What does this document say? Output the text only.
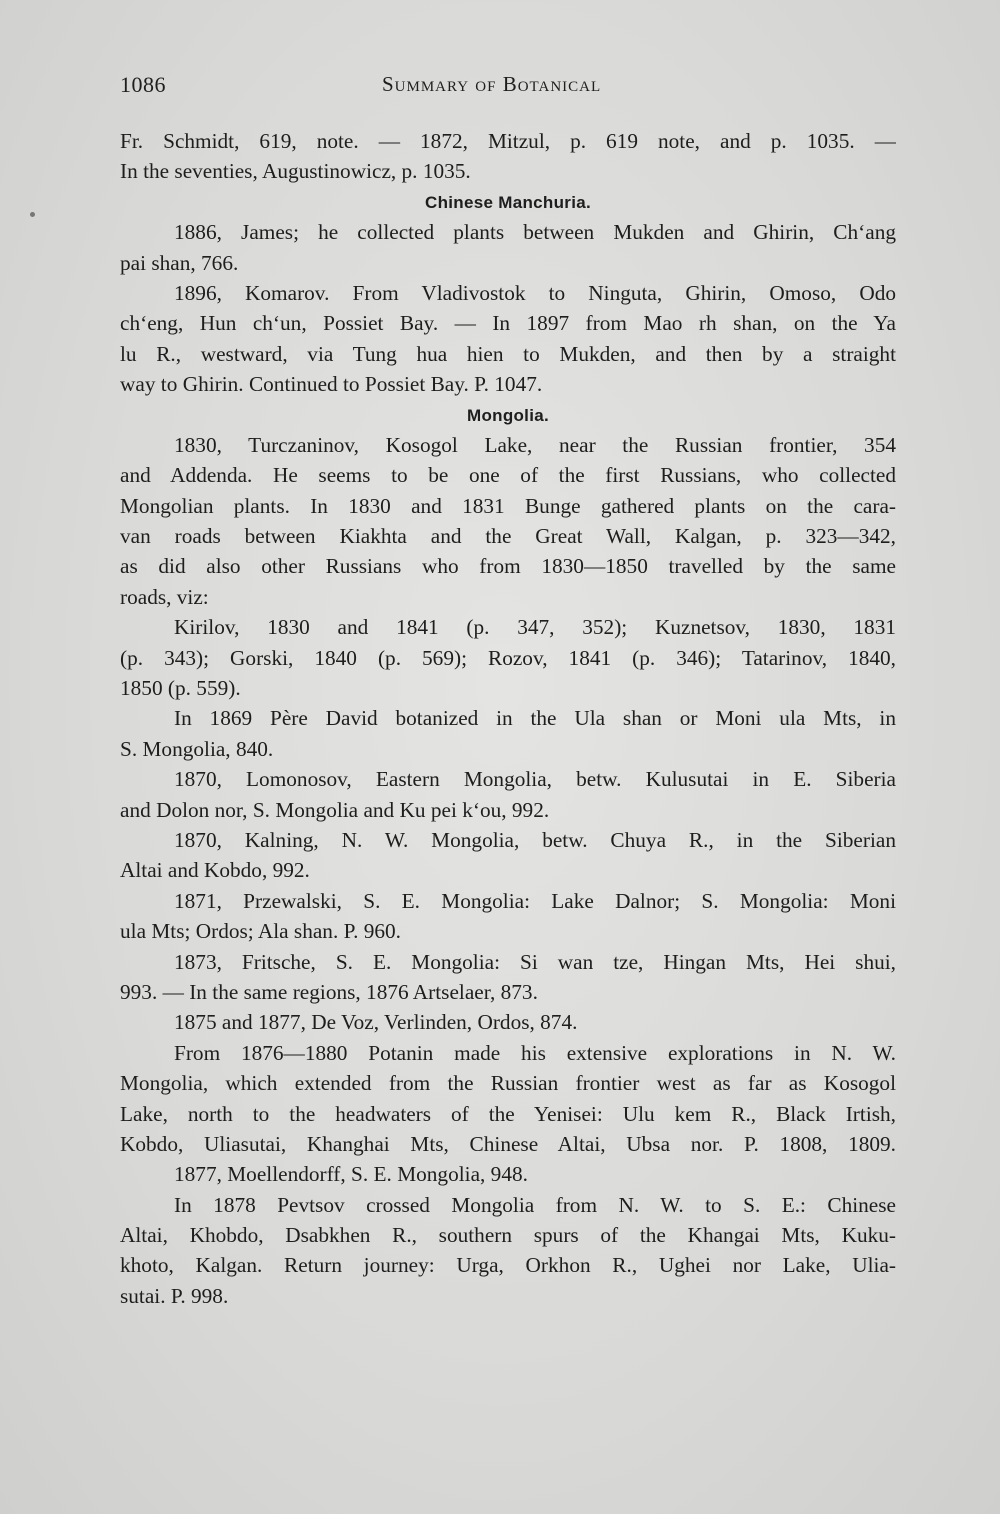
1086	Summary of Botanical
Fr. Schmidt, 619, note. — 1872, Mitzul, p. 619 note, and p. 1035. —
In the seventies, Augustinowicz, p. 1035.
Chinese Manchuria.
1886, James; he collected plants between Mukden and Ghirin, Chʻang
pai shan, 766.
1896, Komarov. From Vladivostok to Ninguta, Ghirin, Omoso, Odo
chʻeng, Hun chʻun, Possiet Bay. — In 1897 from Mao rh shan, on the Ya
lu R., westward, via Tung hua hien to Mukden, and then by a straight
way to Ghirin. Continued to Possiet Bay. P. 1047.
Mongolia.
1830, Turczaninov, Kosogol Lake, near the Russian frontier, 354
and Addenda. He seems to be one of the first Russians, who collected
Mongolian plants. In 1830 and 1831 Bunge gathered plants on the cara-
van roads between Kiakhta and the Great Wall, Kalgan, p. 323—342,
as did also other Russians who from 1830—1850 travelled by the same
roads, viz:
Kirilov, 1830 and 1841 (p. 347, 352); Kuznetsov, 1830, 1831
(p. 343); Gorski, 1840 (p. 569); Rozov, 1841 (p. 346); Tatarinov, 1840,
1850 (p. 559).
In 1869 Père David botanized in the Ula shan or Moni ula Mts, in
S. Mongolia, 840.
1870, Lomonosov, Eastern Mongolia, betw. Kulusutai in E. Siberia
and Dolon nor, S. Mongolia and Ku pei kʻou, 992.
1870, Kalning, N. W. Mongolia, betw. Chuya R., in the Siberian
Altai and Kobdo, 992.
1871, Przewalski, S. E. Mongolia: Lake Dalnor; S. Mongolia: Moni
ula Mts; Ordos; Ala shan. P. 960.
1873, Fritsche, S. E. Mongolia: Si wan tze, Hingan Mts, Hei shui,
993. — In the same regions, 1876 Artselaer, 873.
1875 and 1877, De Voz, Verlinden, Ordos, 874.
From 1876—1880 Potanin made his extensive explorations in N. W.
Mongolia, which extended from the Russian frontier west as far as Kosogol
Lake, north to the headwaters of the Yenisei: Ulu kem R., Black Irtish,
Kobdo, Uliasutai, Khanghai Mts, Chinese Altai, Ubsa nor. P. 1808, 1809.
1877, Moellendorff, S. E. Mongolia, 948.
In 1878 Pevtsov crossed Mongolia from N. W. to S. E.: Chinese
Altai, Khobdo, Dsabkhen R., southern spurs of the Khangai Mts, Kuku-
khoto, Kalgan. Return journey: Urga, Orkhon R., Ughei nor Lake, Ulia-
sutai. P. 998.
